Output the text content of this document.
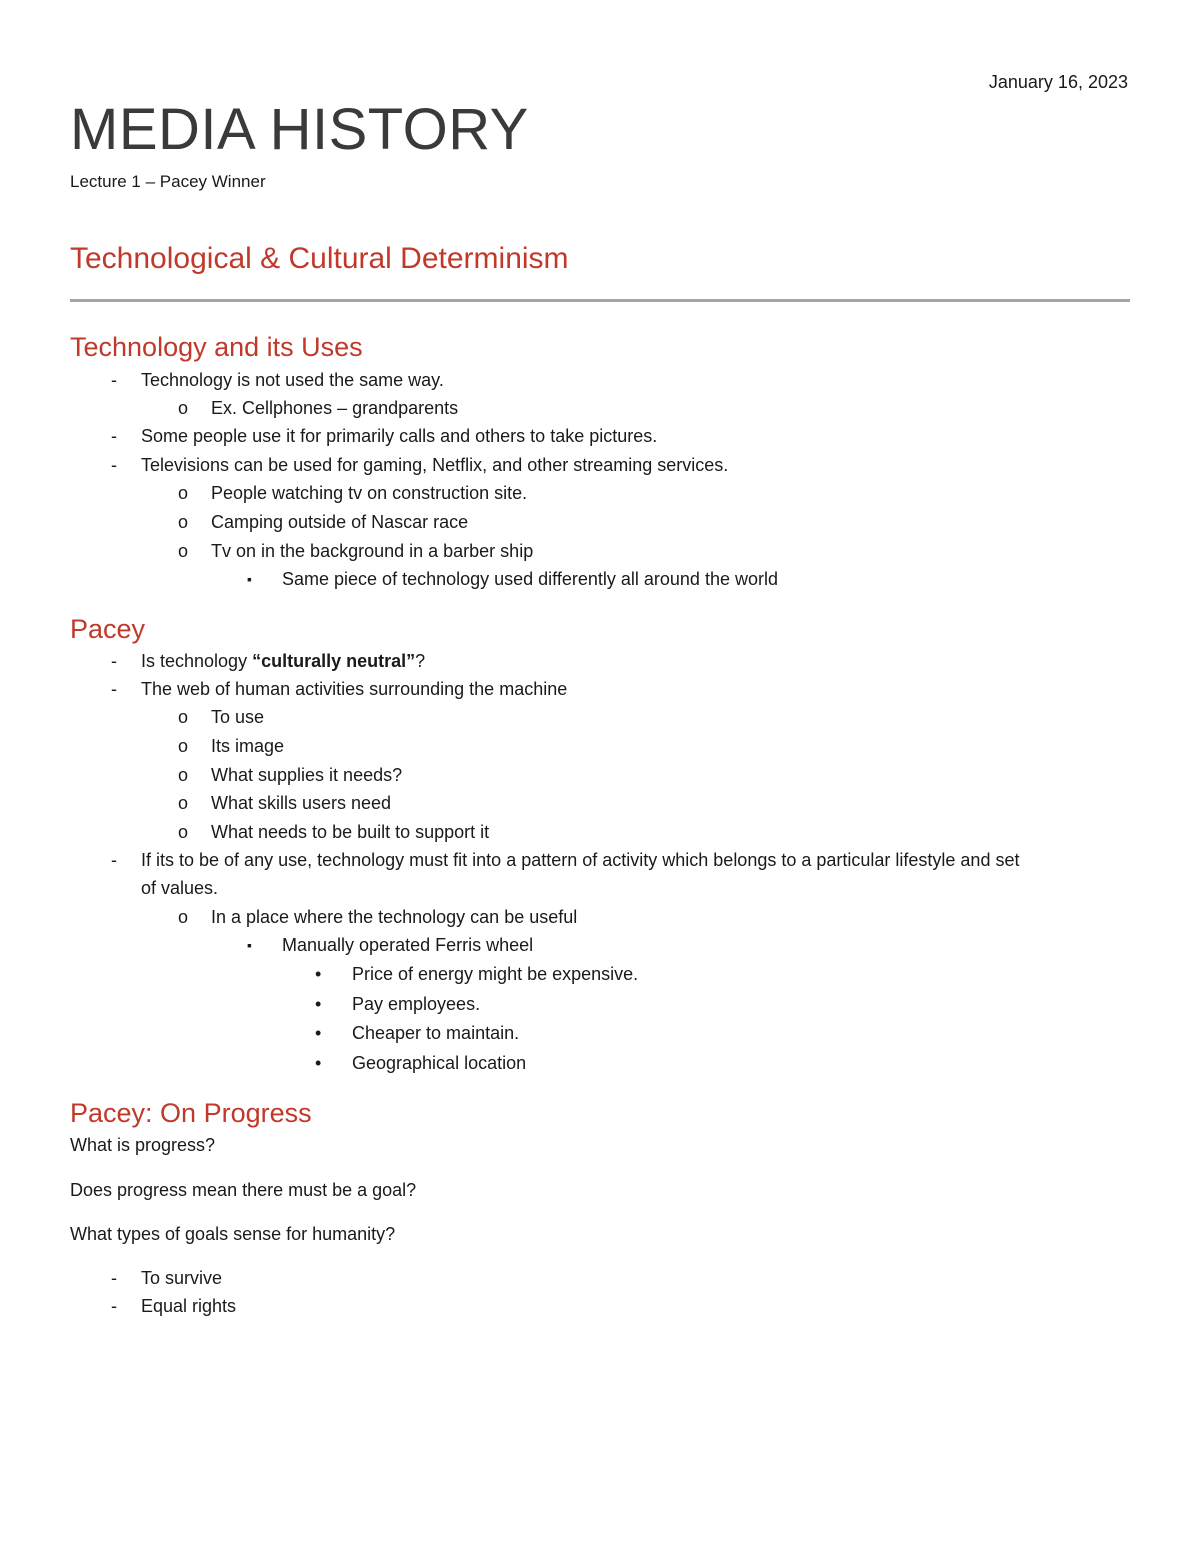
January 16, 2023
MEDIA HISTORY
Lecture 1 – Pacey Winner
Technological & Cultural Determinism
Technology and its Uses
- Technology is not used the same way.
o Ex. Cellphones – grandparents
- Some people use it for primarily calls and others to take pictures.
- Televisions can be used for gaming, Netflix, and other streaming services.
o People watching tv on construction site.
o Camping outside of Nascar race
o Tv on in the background in a barber ship
▪ Same piece of technology used differently all around the world
Pacey
- Is technology “culturally neutral”?
- The web of human activities surrounding the machine
o To use
o Its image
o What supplies it needs?
o What skills users need
o What needs to be built to support it
- If its to be of any use, technology must fit into a pattern of activity which belongs to a particular lifestyle and set
of values.
o In a place where the technology can be useful
▪ Manually operated Ferris wheel
• Price of energy might be expensive.
• Pay employees.
• Cheaper to maintain.
• Geographical location
Pacey: On Progress
What is progress?
Does progress mean there must be a goal?
What types of goals sense for humanity?
- To survive
- Equal rights
